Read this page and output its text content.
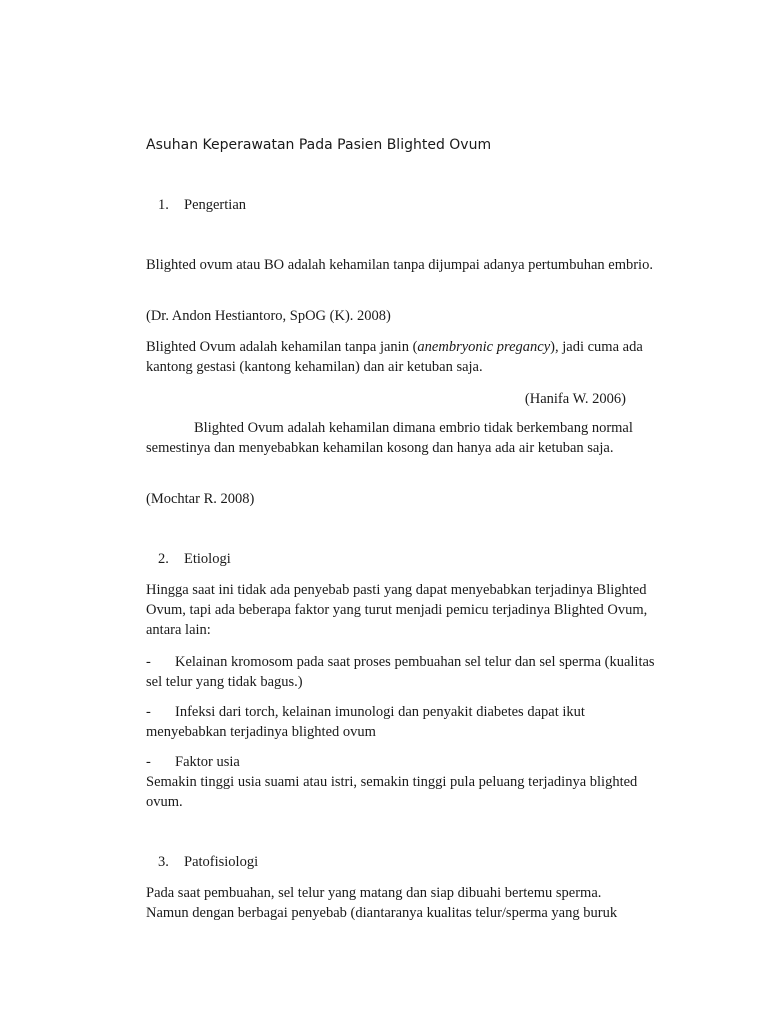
Asuhan Keperawatan Pada Pasien Blighted Ovum

1. Pengertian

Blighted ovum atau BO adalah kehamilan tanpa dijumpai adanya pertumbuhan embrio.

(Dr. Andon Hestiantoro, SpOG (K). 2008)

Blighted Ovum adalah kehamilan tanpa janin (anembryonic pregancy), jadi cuma ada kantong gestasi (kantong kehamilan) dan air ketuban saja.

(Hanifa W. 2006)

Blighted Ovum adalah kehamilan dimana embrio tidak berkembang normal semestinya dan menyebabkan kehamilan kosong dan hanya ada air ketuban saja.

(Mochtar R. 2008)

2. Etiologi

Hingga saat ini tidak ada penyebab pasti yang dapat menyebabkan terjadinya Blighted Ovum, tapi ada beberapa faktor yang turut menjadi pemicu terjadinya Blighted Ovum, antara lain:

- Kelainan kromosom pada saat proses pembuahan sel telur dan sel sperma (kualitas sel telur yang tidak bagus.)

- Infeksi dari torch, kelainan imunologi dan penyakit diabetes dapat ikut menyebabkan terjadinya blighted ovum

- Faktor usia

Semakin tinggi usia suami atau istri, semakin tinggi pula peluang terjadinya blighted ovum.

3. Patofisiologi

Pada saat pembuahan, sel telur yang matang dan siap dibuahi bertemu sperma.

Namun dengan berbagai penyebab (diantaranya kualitas telur/sperma yang buruk
